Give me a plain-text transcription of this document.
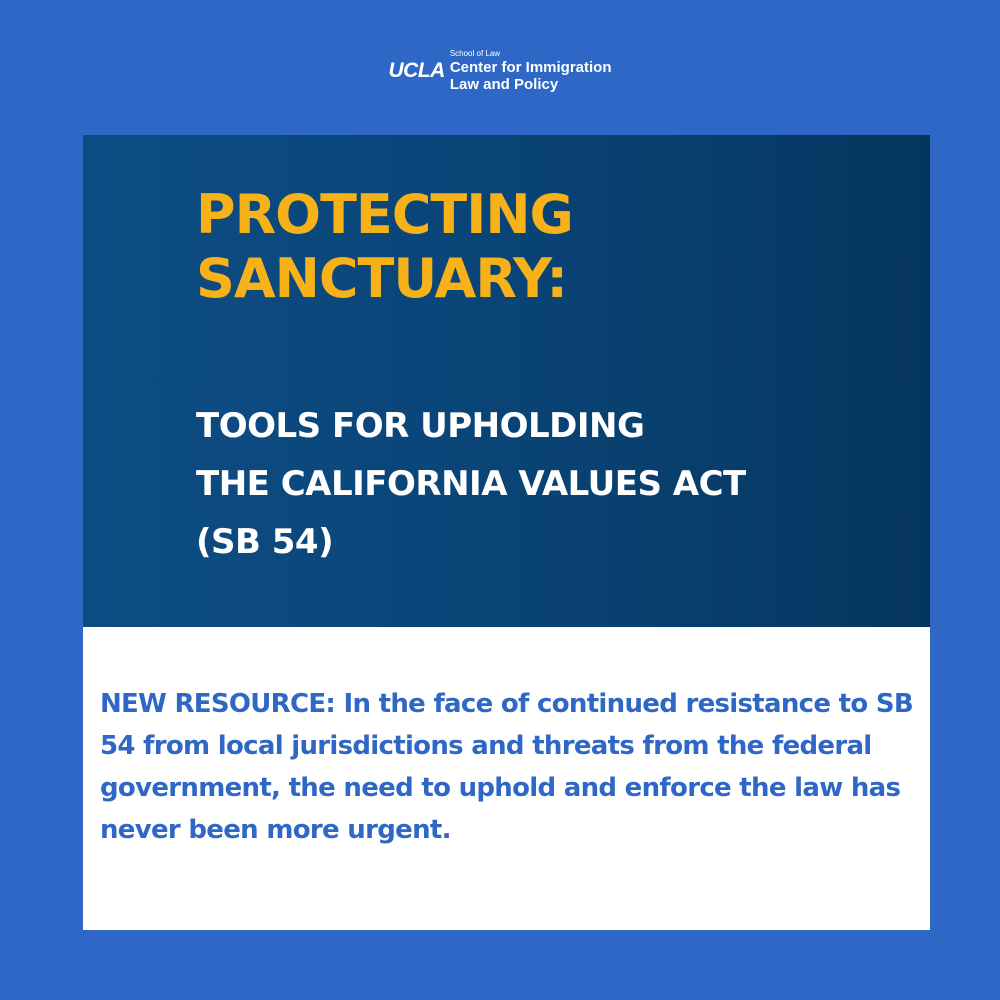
UCLA
School of Law
Center for Immigration
Law and Policy
PROTECTING
SANCTUARY:
TOOLS FOR UPHOLDING
THE CALIFORNIA VALUES ACT
(SB 54)

NEW RESOURCE: In the face of continued resistance to SB 54 from local jurisdictions and threats from the federal government, the need to uphold and enforce the law has never been more urgent.
